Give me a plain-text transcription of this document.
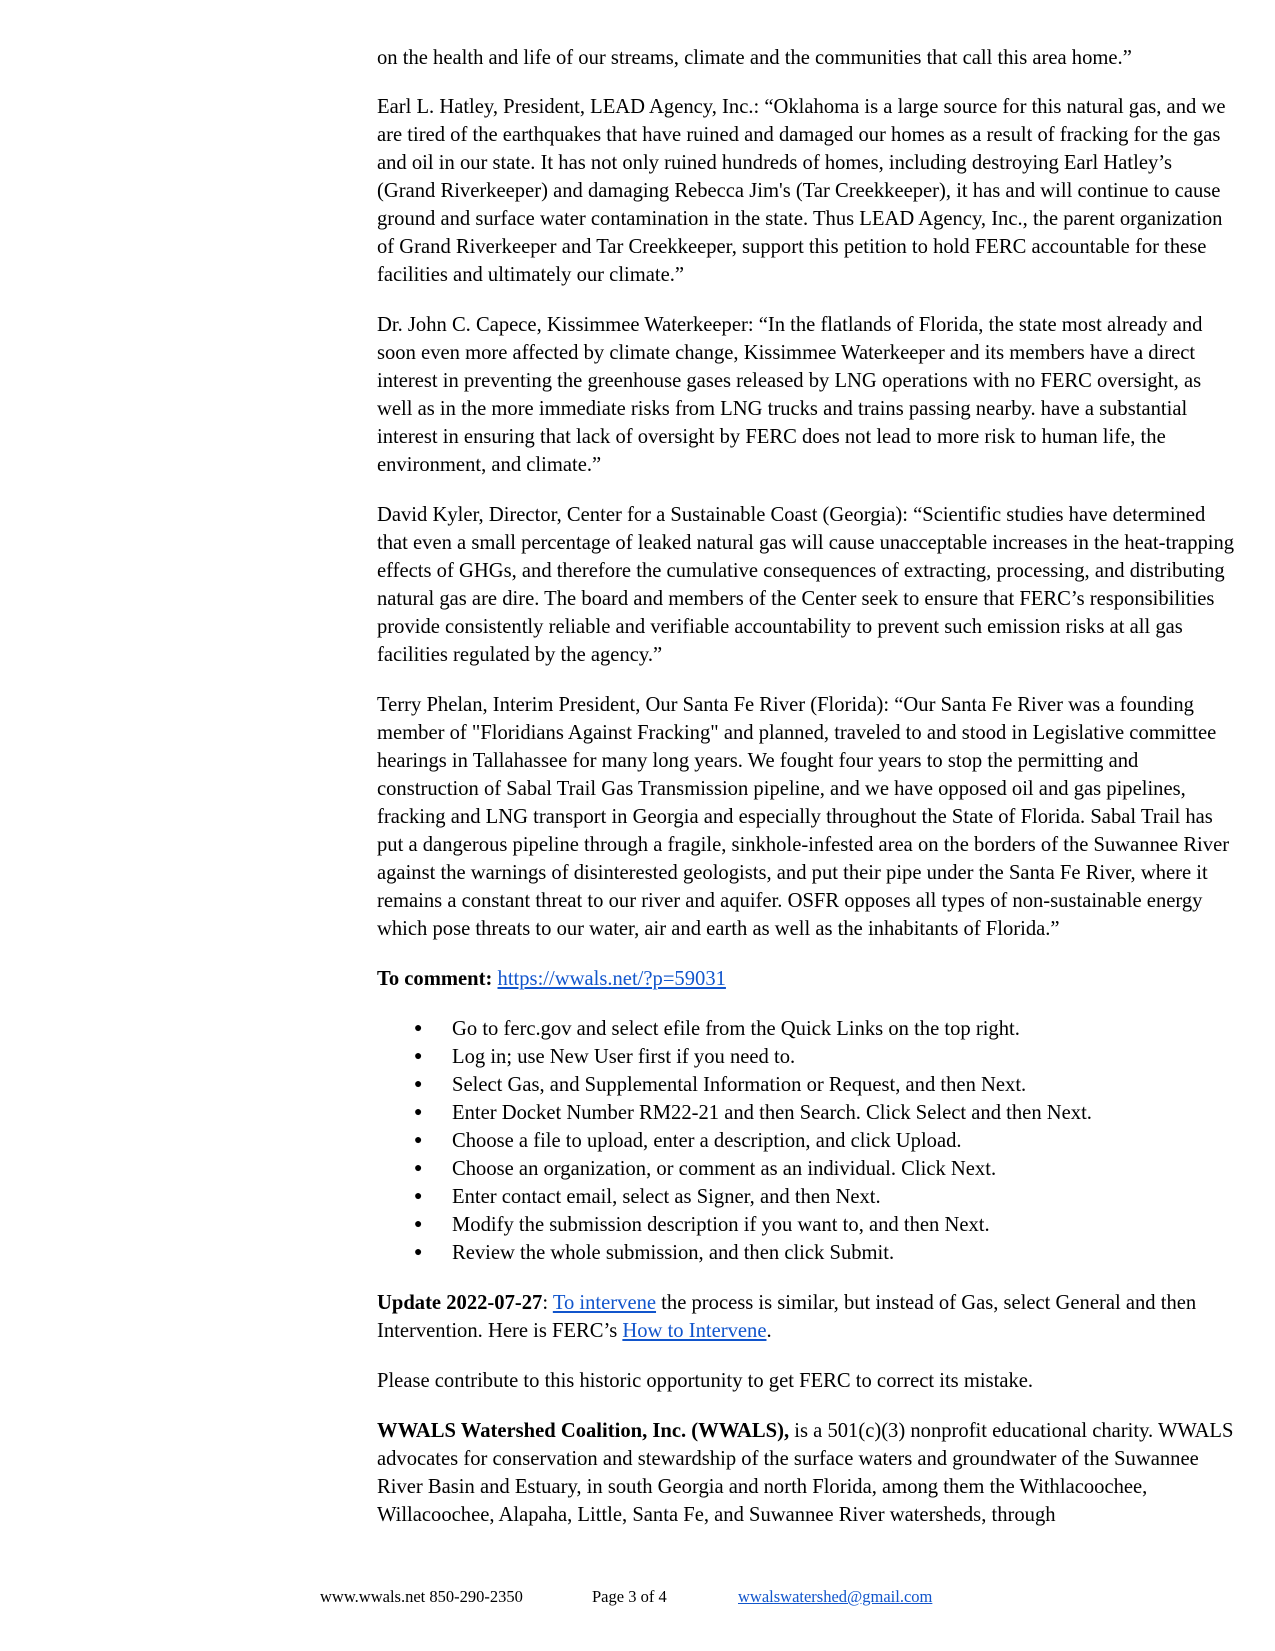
on the health and life of our streams, climate and the communities that call this area home.”

Earl L. Hatley, President, LEAD Agency, Inc.: “Oklahoma is a large source for this natural gas, and we are tired of the earthquakes that have ruined and damaged our homes as a result of fracking for the gas and oil in our state. It has not only ruined hundreds of homes, including destroying Earl Hatley’s (Grand Riverkeeper) and damaging Rebecca Jim's (Tar Creekkeeper), it has and will continue to cause ground and surface water contamination in the state. Thus LEAD Agency, Inc., the parent organization of Grand Riverkeeper and Tar Creekkeeper, support this petition to hold FERC accountable for these facilities and ultimately our climate.”

Dr. John C. Capece, Kissimmee Waterkeeper: “In the flatlands of Florida, the state most already and soon even more affected by climate change, Kissimmee Waterkeeper and its members have a direct interest in preventing the greenhouse gases released by LNG operations with no FERC oversight, as well as in the more immediate risks from LNG trucks and trains passing nearby. have a substantial interest in ensuring that lack of oversight by FERC does not lead to more risk to human life, the environment, and climate.”

David Kyler, Director, Center for a Sustainable Coast (Georgia): “Scientific studies have determined that even a small percentage of leaked natural gas will cause unacceptable increases in the heat-trapping effects of GHGs, and therefore the cumulative consequences of extracting, processing, and distributing natural gas are dire. The board and members of the Center seek to ensure that FERC’s responsibilities provide consistently reliable and verifiable accountability to prevent such emission risks at all gas facilities regulated by the agency.”

Terry Phelan, Interim President, Our Santa Fe River (Florida): “Our Santa Fe River was a founding member of "Floridians Against Fracking" and planned, traveled to and stood in Legislative committee hearings in Tallahassee for many long years. We fought four years to stop the permitting and construction of Sabal Trail Gas Transmission pipeline, and we have opposed oil and gas pipelines, fracking and LNG transport in Georgia and especially throughout the State of Florida. Sabal Trail has put a dangerous pipeline through a fragile, sinkhole-infested area on the borders of the Suwannee River against the warnings of disinterested geologists, and put their pipe under the Santa Fe River, where it remains a constant threat to our river and aquifer. OSFR opposes all types of non-sustainable energy which pose threats to our water, air and earth as well as the inhabitants of Florida.”

To comment: https://wwals.net/?p=59031

● Go to ferc.gov and select efile from the Quick Links on the top right.
● Log in; use New User first if you need to.
● Select Gas, and Supplemental Information or Request, and then Next.
● Enter Docket Number RM22-21 and then Search. Click Select and then Next.
● Choose a file to upload, enter a description, and click Upload.
● Choose an organization, or comment as an individual. Click Next.
● Enter contact email, select as Signer, and then Next.
● Modify the submission description if you want to, and then Next.
● Review the whole submission, and then click Submit.

Update 2022-07-27: To intervene the process is similar, but instead of Gas, select General and then Intervention. Here is FERC’s How to Intervene.

Please contribute to this historic opportunity to get FERC to correct its mistake.

WWALS Watershed Coalition, Inc. (WWALS), is a 501(c)(3) nonprofit educational charity. WWALS advocates for conservation and stewardship of the surface waters and groundwater of the Suwannee River Basin and Estuary, in south Georgia and north Florida, among them the Withlacoochee, Willacoochee, Alapaha, Little, Santa Fe, and Suwannee River watersheds, through

www.wwals.net 850-290-2350	Page 3 of 4	wwalswatershed@gmail.com
